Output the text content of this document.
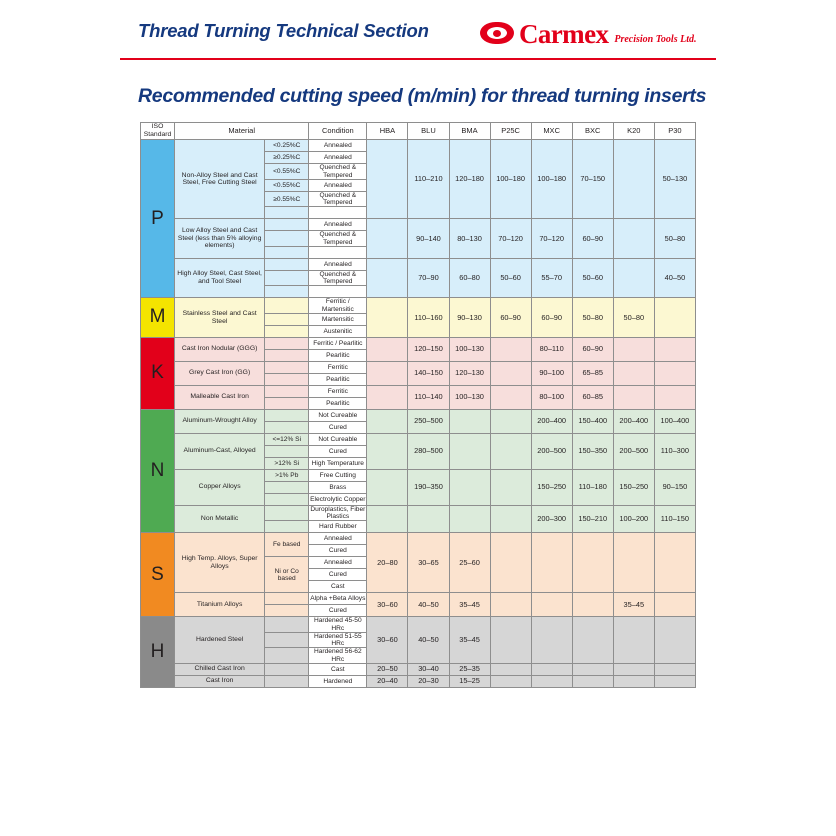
Thread Turning Technical Section	Carmex Precision Tools Ltd.
Recommended cutting speed (m/min) for thread turning inserts
ISO
Standard	Material		Condition	HBA	BLU	BMA	P25C	MXC	BXC	K20	P30
P	Non-Alloy Steel and Cast Steel, Free Cutting Steel	<0.25%C	Annealed		110–210	120–180	100–180	100–180	70–150		50–130
		≥0.25%C	Annealed								
		<0.55%C	Quenched & Tempered								
		<0.55%C	Annealed								
		≥0.55%C	Quenched & Tempered								

	Low Alloy Steel and Cast Steel (less than 5% alloying elements)		Annealed		90–140	80–130	70–120	70–120	60–90		50–80
			Quenched & Tempered								

	High Alloy Steel, Cast Steel, and Tool Steel		Annealed		70–90	60–80	50–60	55–70	50–60		40–50
			Quenched & Tempered								

M	Stainless Steel and Cast Steel		Ferritic / Martensitic		110–160	90–130	60–90	60–90	50–80	50–80	
			Martensitic								
			Austenitic								
K	Cast Iron Nodular (GGG)		Ferritic / Pearlitic		120–150	100–130		80–110	60–90		
			Pearlitic								
	Grey Cast Iron (GG)		Ferritic		140–150	120–130		90–100	65–85		
			Pearlitic								
	Malleable Cast Iron		Ferritic		110–140	100–130		80–100	60–85		
			Pearlitic								
N	Aluminum-Wrought Alloy		Not Cureable		250–500			200–400	150–400	200–400	100–400
			Cured								
	Aluminum-Cast, Alloyed	<=12% Si	Not Cureable		280–500			200–500	150–350	200–500	110–300
			Cured								
		>12% Si	High Temperature								
	Copper Alloys	>1% Pb	Free Cutting		190–350			150–250	110–180	150–250	90–150
			Brass								
			Electrolytic Copper								
	Non Metallic		Duroplastics, Fiber Plastics					200–300	150–210	100–200	110–150
			Hard Rubber								
S	High Temp. Alloys, Super Alloys	Fe based	Annealed	20–80	30–65	25–60					
			Cured								
		Ni or Co based	Annealed								
			Cured								
			Cast								
	Titanium Alloys		Alpha +Beta Alloys	30–60	40–50	35–45				35–45	
			Cured								
H	Hardened Steel		Hardened 45-50 HRc	30–60	40–50	35–45					
			Hardened 51-55 HRc								
			Hardened 56-62 HRc								
	Chilled Cast Iron		Cast	20–50	30–40	25–35					
	Cast Iron		Hardened	20–40	20–30	15–25					
